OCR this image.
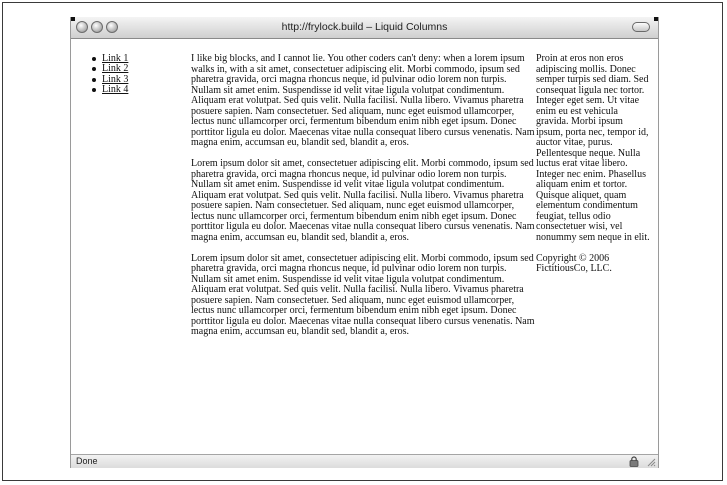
http://frylock.build – Liquid Columns
Link 1
Link 2
Link 3
Link 4

I like big blocks, and I cannot lie. You other coders can't deny: when a lorem ipsum walks in, with a sit amet, consectetuer adipiscing elit. Morbi commodo, ipsum sed pharetra gravida, orci magna rhoncus neque, id pulvinar odio lorem non turpis. Nullam sit amet enim. Suspendisse id velit vitae ligula volutpat condimentum. Aliquam erat volutpat. Sed quis velit. Nulla facilisi. Nulla libero. Vivamus pharetra posuere sapien. Nam consectetuer. Sed aliquam, nunc eget euismod ullamcorper, lectus nunc ullamcorper orci, fermentum bibendum enim nibh eget ipsum. Donec porttitor ligula eu dolor. Maecenas vitae nulla consequat libero cursus venenatis. Nam magna enim, accumsan eu, blandit sed, blandit a, eros.

Lorem ipsum dolor sit amet, consectetuer adipiscing elit. Morbi commodo, ipsum sed pharetra gravida, orci magna rhoncus neque, id pulvinar odio lorem non turpis. Nullam sit amet enim. Suspendisse id velit vitae ligula volutpat condimentum. Aliquam erat volutpat. Sed quis velit. Nulla facilisi. Nulla libero. Vivamus pharetra posuere sapien. Nam consectetuer. Sed aliquam, nunc eget euismod ullamcorper, lectus nunc ullamcorper orci, fermentum bibendum enim nibh eget ipsum. Donec porttitor ligula eu dolor. Maecenas vitae nulla consequat libero cursus venenatis. Nam magna enim, accumsan eu, blandit sed, blandit a, eros.

Lorem ipsum dolor sit amet, consectetuer adipiscing elit. Morbi commodo, ipsum sed pharetra gravida, orci magna rhoncus neque, id pulvinar odio lorem non turpis. Nullam sit amet enim. Suspendisse id velit vitae ligula volutpat condimentum. Aliquam erat volutpat. Sed quis velit. Nulla facilisi. Nulla libero. Vivamus pharetra posuere sapien. Nam consectetuer. Sed aliquam, nunc eget euismod ullamcorper, lectus nunc ullamcorper orci, fermentum bibendum enim nibh eget ipsum. Donec porttitor ligula eu dolor. Maecenas vitae nulla consequat libero cursus venenatis. Nam magna enim, accumsan eu, blandit sed, blandit a, eros.

Proin at eros non eros adipiscing mollis. Donec semper turpis sed diam. Sed consequat ligula nec tortor. Integer eget sem. Ut vitae enim eu est vehicula gravida. Morbi ipsum ipsum, porta nec, tempor id, auctor vitae, purus. Pellentesque neque. Nulla luctus erat vitae libero. Integer nec enim. Phasellus aliquam enim et tortor. Quisque aliquet, quam elementum condimentum feugiat, tellus odio consectetuer wisi, vel nonummy sem neque in elit.

Copyright © 2006 FictitiousCo, LLC.

Done
